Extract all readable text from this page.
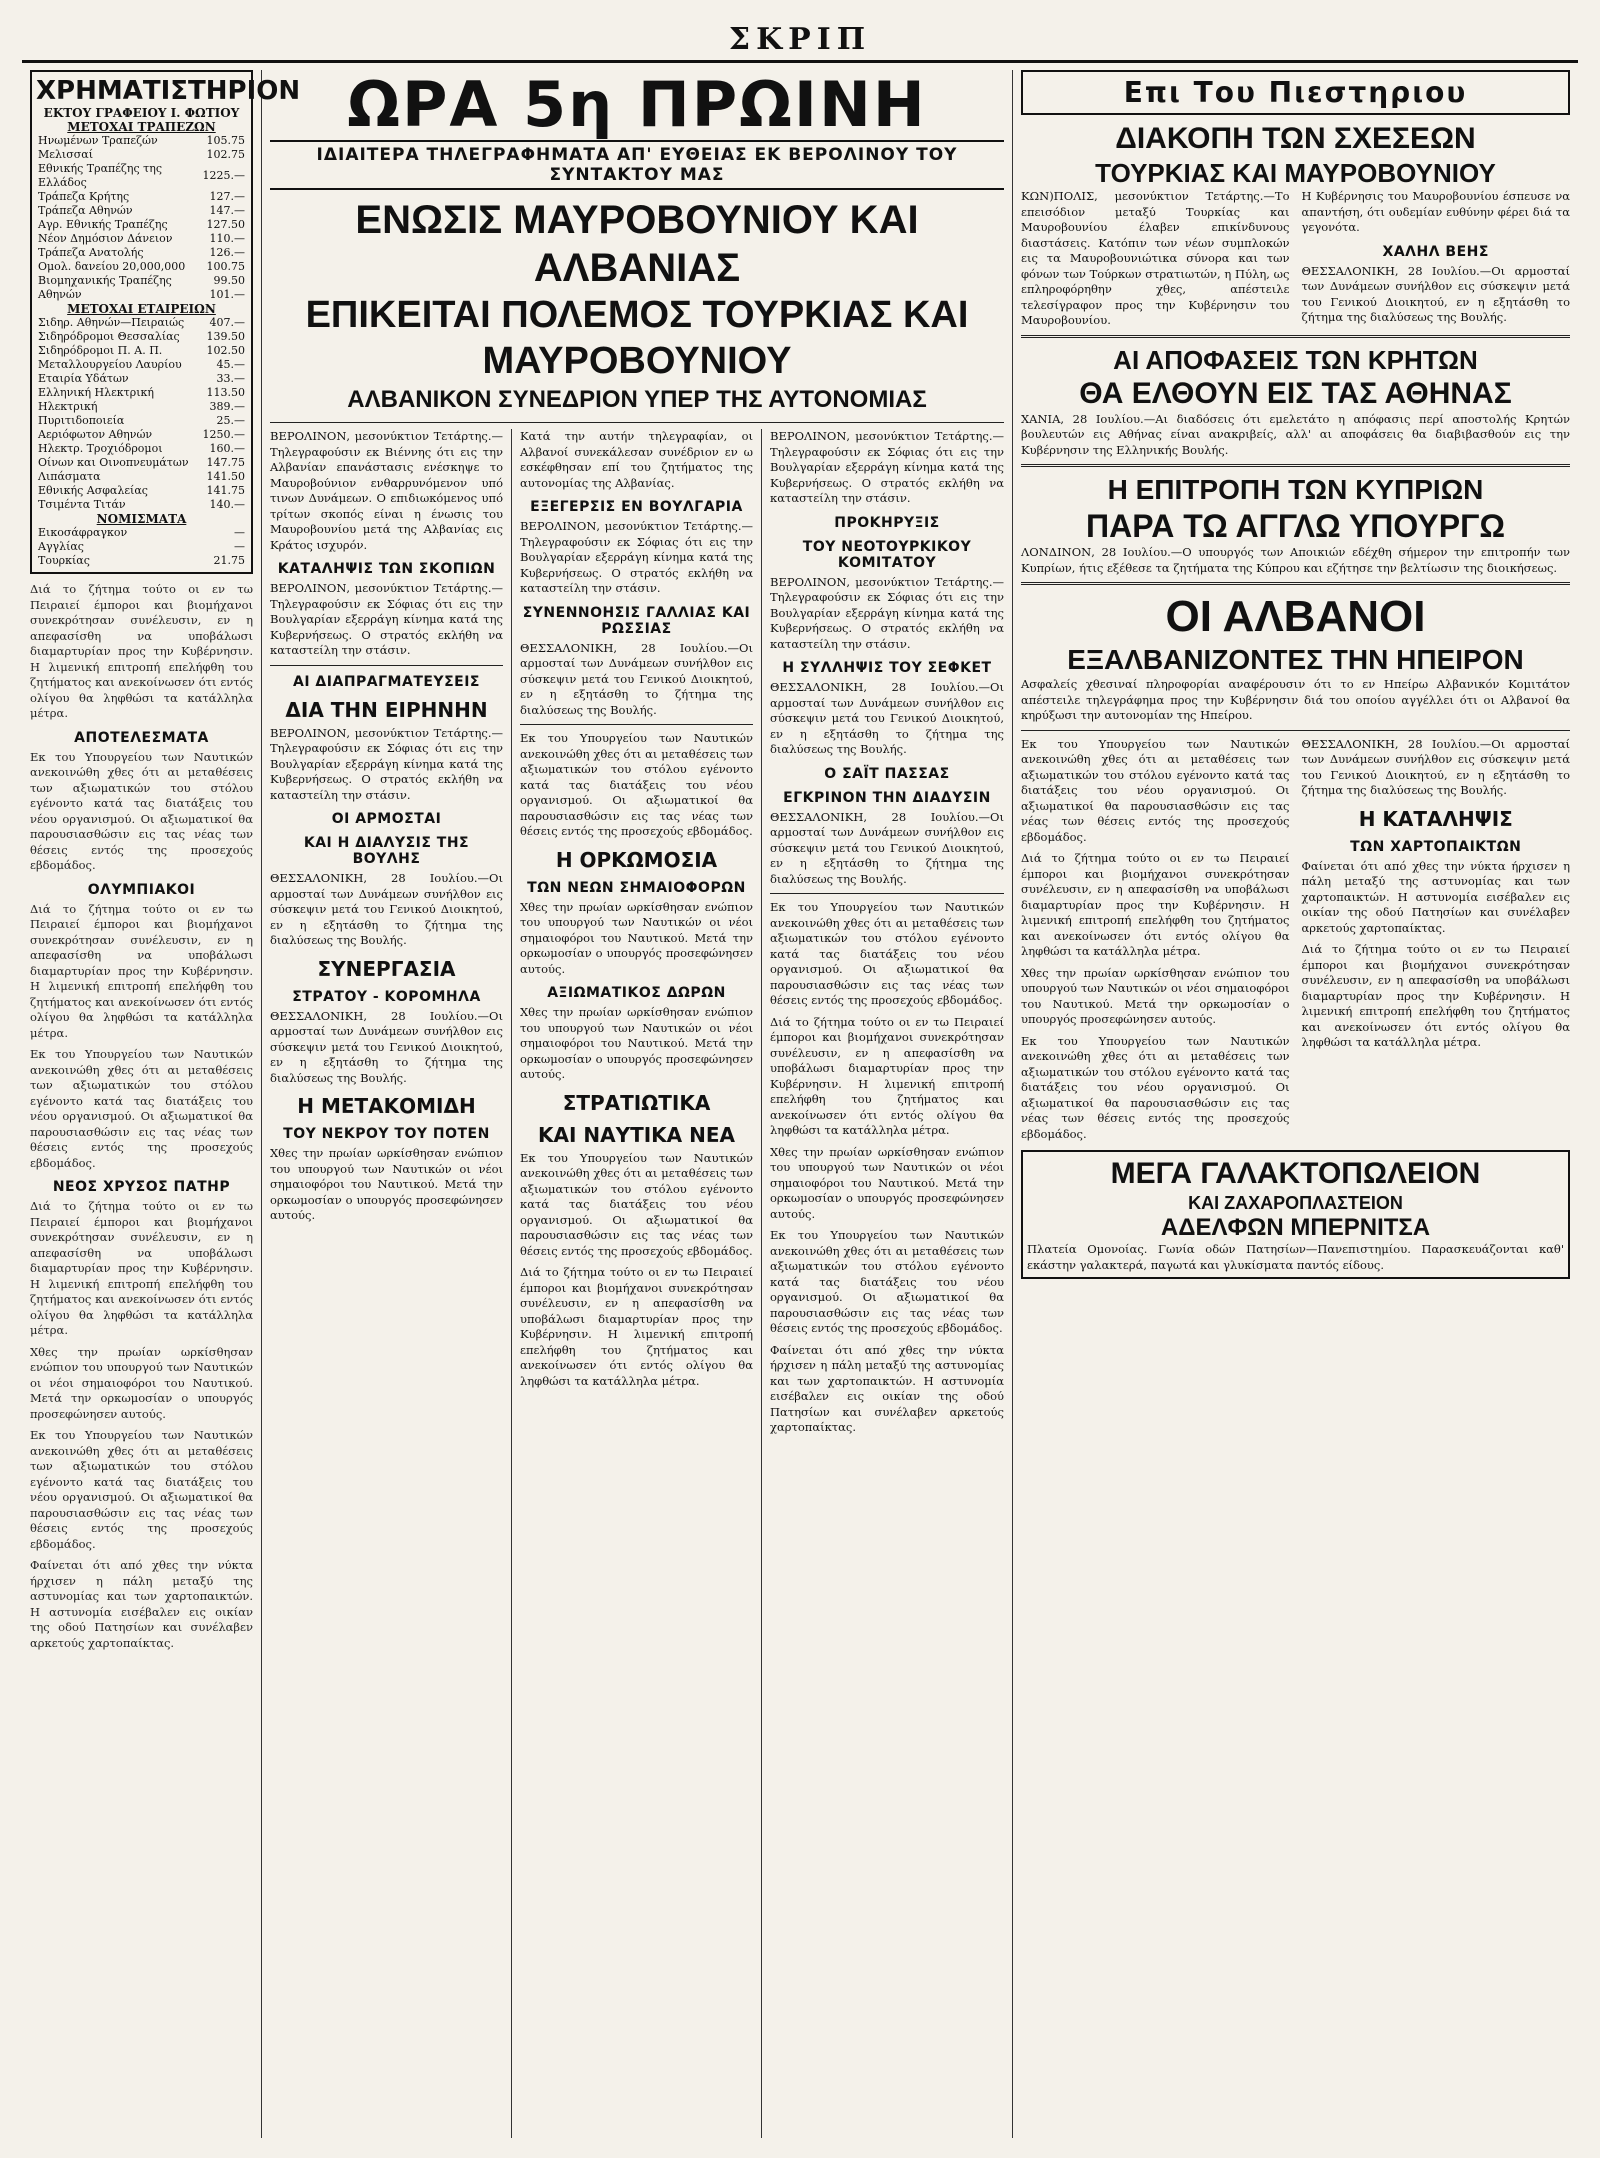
ΣΚΡΙΠ
ΧΡΗΜΑΤΙΣΤΗΡΙΟΝ
ΕΚΤΟΥ ΓΡΑΦΕΙΟΥ Ι. ΦΩΤΙΟΥ
ΜΕΤΟΧΑΙ ΤΡΑΠΕΖΩΝ
Ηνωμένων Τραπεζών	105.75
Μελισσαί	102.75
Εθνικής Τραπέζης της Ελλάδος	1225.—
Τράπεζα Κρήτης	127.—
Τράπεζα Αθηνών	147.—
Αγρ. Εθνικής Τραπέζης	127.50
Νέον Δημόσιον Δάνειον	110.—
Τράπεζα Ανατολής	126.—
Ομολ. δανείου 20,000,000	100.75
Βιομηχανικής Τραπέζης	99.50
Αθηνών	101.—
ΜΕΤΟΧΑΙ ΕΤΑΙΡΕΙΩΝ
Σιδηρ. Αθηνών—Πειραιώς	407.—
Σιδηρόδρομοι Θεσσαλίας	139.50
Σιδηρόδρομοι Π. Α. Π.	102.50
Μεταλλουργείου Λαυρίου	45.—
Εταιρία Υδάτων	33.—
Ελληνική Ηλεκτρική	113.50
Ηλεκτρική	389.—
Πυριτιδοποιεία	25.—
Αεριόφωτον Αθηνών	1250.—
Ηλεκτρ. Τροχιόδρομοι	160.—
Οίνων και Οινοπνευμάτων	147.75
Λιπάσματα	141.50
Εθνικής Ασφαλείας	141.75
Τσιμέντα Τιτάν	140.—
ΝΟΜΙΣΜΑΤΑ
Εικοσάφραγκον	—
Αγγλίας	—
Τουρκίας	21.75
Διά το ζήτημα τούτο οι εν τω Πειραιεί έμποροι και βιομήχανοι συνεκρότησαν συνέλευσιν, εν η απεφασίσθη να υποβάλωσι διαμαρτυρίαν προς την Κυβέρνησιν. Η λιμενική επιτροπή επελήφθη του ζητήματος και ανεκοίνωσεν ότι εντός ολίγου θα ληφθώσι τα κατάλληλα μέτρα.
ΑΠΟΤΕΛΕΣΜΑΤΑ
Εκ του Υπουργείου των Ναυτικών ανεκοινώθη χθες ότι αι μεταθέσεις των αξιωματικών του στόλου εγένοντο κατά τας διατάξεις του νέου οργανισμού. Οι αξιωματικοί θα παρουσιασθώσιν εις τας νέας των θέσεις εντός της προσεχούς εβδομάδος.
ΟΛΥΜΠΙΑΚΟΙ
Διά το ζήτημα τούτο οι εν τω Πειραιεί έμποροι και βιομήχανοι συνεκρότησαν συνέλευσιν, εν η απεφασίσθη να υποβάλωσι διαμαρτυρίαν προς την Κυβέρνησιν. Η λιμενική επιτροπή επελήφθη του ζητήματος και ανεκοίνωσεν ότι εντός ολίγου θα ληφθώσι τα κατάλληλα μέτρα.
Εκ του Υπουργείου των Ναυτικών ανεκοινώθη χθες ότι αι μεταθέσεις των αξιωματικών του στόλου εγένοντο κατά τας διατάξεις του νέου οργανισμού. Οι αξιωματικοί θα παρουσιασθώσιν εις τας νέας των θέσεις εντός της προσεχούς εβδομάδος.
ΝΕΟΣ ΧΡΥΣΟΣ ΠΑΤΗΡ
Διά το ζήτημα τούτο οι εν τω Πειραιεί έμποροι και βιομήχανοι συνεκρότησαν συνέλευσιν, εν η απεφασίσθη να υποβάλωσι διαμαρτυρίαν προς την Κυβέρνησιν. Η λιμενική επιτροπή επελήφθη του ζητήματος και ανεκοίνωσεν ότι εντός ολίγου θα ληφθώσι τα κατάλληλα μέτρα.
Χθες την πρωίαν ωρκίσθησαν ενώπιον του υπουργού των Ναυτικών οι νέοι σημαιοφόροι του Ναυτικού. Μετά την ορκωμοσίαν ο υπουργός προσεφώνησεν αυτούς.
Εκ του Υπουργείου των Ναυτικών ανεκοινώθη χθες ότι αι μεταθέσεις των αξιωματικών του στόλου εγένοντο κατά τας διατάξεις του νέου οργανισμού. Οι αξιωματικοί θα παρουσιασθώσιν εις τας νέας των θέσεις εντός της προσεχούς εβδομάδος.
Φαίνεται ότι από χθες την νύκτα ήρχισεν η πάλη μεταξύ της αστυνομίας και των χαρτοπαικτών. Η αστυνομία εισέβαλεν εις οικίαν της οδού Πατησίων και συνέλαβεν αρκετούς χαρτοπαίκτας.
ΩΡΑ 5η ΠΡΩΙΝΗ
ΙΔΙΑΙΤΕΡΑ ΤΗΛΕΓΡΑΦΗΜΑΤΑ ΑΠ' ΕΥΘΕΙΑΣ ΕΚ ΒΕΡΟΛΙΝΟΥ ΤΟΥ ΣΥΝΤΑΚΤΟΥ ΜΑΣ
ΕΝΩΣΙΣ ΜΑΥΡΟΒΟΥΝΙΟΥ ΚΑΙ ΑΛΒΑΝΙΑΣ
ΕΠΙΚΕΙΤΑΙ ΠΟΛΕΜΟΣ ΤΟΥΡΚΙΑΣ ΚΑΙ ΜΑΥΡΟΒΟΥΝΙΟΥ
ΑΛΒΑΝΙΚΟΝ ΣΥΝΕΔΡΙΟΝ ΥΠΕΡ ΤΗΣ ΑΥΤΟΝΟΜΙΑΣ
ΒΕΡΟΛΙΝΟΝ, μεσονύκτιον Τετάρτης.—Τηλεγραφούσιν εκ Βιέννης ότι εις την Αλβανίαν επανάστασις ενέσκηψε το Μαυροβούνιον ενθαρρυνόμενον υπό τινων Δυνάμεων. Ο επιδιωκόμενος υπό τρίτων σκοπός είναι η ένωσις του Μαυροβουνίου μετά της Αλβανίας εις Κράτος ισχυρόν.
ΚΑΤΑΛΗΨΙΣ ΤΩΝ ΣΚΟΠΙΩΝ
ΒΕΡΟΛΙΝΟΝ, μεσονύκτιον Τετάρτης.—Τηλεγραφούσιν εκ Σόφιας ότι εις την Βουλγαρίαν εξερράγη κίνημα κατά της Κυβερνήσεως. Ο στρατός εκλήθη να καταστείλη την στάσιν.
ΑΙ ΔΙΑΠΡΑΓΜΑΤΕΥΣΕΙΣ
ΔΙΑ ΤΗΝ ΕΙΡΗΝΗΝ
ΒΕΡΟΛΙΝΟΝ, μεσονύκτιον Τετάρτης.—Τηλεγραφούσιν εκ Σόφιας ότι εις την Βουλγαρίαν εξερράγη κίνημα κατά της Κυβερνήσεως. Ο στρατός εκλήθη να καταστείλη την στάσιν.
ΟΙ ΑΡΜΟΣΤΑΙ
ΚΑΙ Η ΔΙΑΛΥΣΙΣ ΤΗΣ ΒΟΥΛΗΣ
ΘΕΣΣΑΛΟΝΙΚΗ, 28 Ιουλίου.—Οι αρμοσταί των Δυνάμεων συνήλθον εις σύσκεψιν μετά του Γενικού Διοικητού, εν η εξητάσθη το ζήτημα της διαλύσεως της Βουλής.
ΣΥΝΕΡΓΑΣΙΑ
ΣΤΡΑΤΟΥ - ΚΟΡΟΜΗΛΑ
ΘΕΣΣΑΛΟΝΙΚΗ, 28 Ιουλίου.—Οι αρμοσταί των Δυνάμεων συνήλθον εις σύσκεψιν μετά του Γενικού Διοικητού, εν η εξητάσθη το ζήτημα της διαλύσεως της Βουλής.
Η ΜΕΤΑΚΟΜΙΔΗ
ΤΟΥ ΝΕΚΡΟΥ ΤΟΥ ΠΟΤΕΝ
Χθες την πρωίαν ωρκίσθησαν ενώπιον του υπουργού των Ναυτικών οι νέοι σημαιοφόροι του Ναυτικού. Μετά την ορκωμοσίαν ο υπουργός προσεφώνησεν αυτούς.
Κατά την αυτήν τηλεγραφίαν, οι Αλβανοί συνεκάλεσαν συνέδριον εν ω εσκέφθησαν επί του ζητήματος της αυτονομίας της Αλβανίας.
ΕΞΕΓΕΡΣΙΣ ΕΝ ΒΟΥΛΓΑΡΙΑ
ΒΕΡΟΛΙΝΟΝ, μεσονύκτιον Τετάρτης.—Τηλεγραφούσιν εκ Σόφιας ότι εις την Βουλγαρίαν εξερράγη κίνημα κατά της Κυβερνήσεως. Ο στρατός εκλήθη να καταστείλη την στάσιν.
ΣΥΝΕΝΝΟΗΣΙΣ ΓΑΛΛΙΑΣ ΚΑΙ ΡΩΣΣΙΑΣ
ΘΕΣΣΑΛΟΝΙΚΗ, 28 Ιουλίου.—Οι αρμοσταί των Δυνάμεων συνήλθον εις σύσκεψιν μετά του Γενικού Διοικητού, εν η εξητάσθη το ζήτημα της διαλύσεως της Βουλής.
Εκ του Υπουργείου των Ναυτικών ανεκοινώθη χθες ότι αι μεταθέσεις των αξιωματικών του στόλου εγένοντο κατά τας διατάξεις του νέου οργανισμού. Οι αξιωματικοί θα παρουσιασθώσιν εις τας νέας των θέσεις εντός της προσεχούς εβδομάδος.
Η ΟΡΚΩΜΟΣΙΑ
ΤΩΝ ΝΕΩΝ ΣΗΜΑΙΟΦΟΡΩΝ
Χθες την πρωίαν ωρκίσθησαν ενώπιον του υπουργού των Ναυτικών οι νέοι σημαιοφόροι του Ναυτικού. Μετά την ορκωμοσίαν ο υπουργός προσεφώνησεν αυτούς.
ΑΞΙΩΜΑΤΙΚΟΣ ΔΩΡΩΝ
Χθες την πρωίαν ωρκίσθησαν ενώπιον του υπουργού των Ναυτικών οι νέοι σημαιοφόροι του Ναυτικού. Μετά την ορκωμοσίαν ο υπουργός προσεφώνησεν αυτούς.
ΣΤΡΑΤΙΩΤΙΚΑ
ΚΑΙ ΝΑΥΤΙΚΑ ΝΕΑ
Εκ του Υπουργείου των Ναυτικών ανεκοινώθη χθες ότι αι μεταθέσεις των αξιωματικών του στόλου εγένοντο κατά τας διατάξεις του νέου οργανισμού. Οι αξιωματικοί θα παρουσιασθώσιν εις τας νέας των θέσεις εντός της προσεχούς εβδομάδος.
Διά το ζήτημα τούτο οι εν τω Πειραιεί έμποροι και βιομήχανοι συνεκρότησαν συνέλευσιν, εν η απεφασίσθη να υποβάλωσι διαμαρτυρίαν προς την Κυβέρνησιν. Η λιμενική επιτροπή επελήφθη του ζητήματος και ανεκοίνωσεν ότι εντός ολίγου θα ληφθώσι τα κατάλληλα μέτρα.
ΒΕΡΟΛΙΝΟΝ, μεσονύκτιον Τετάρτης.—Τηλεγραφούσιν εκ Σόφιας ότι εις την Βουλγαρίαν εξερράγη κίνημα κατά της Κυβερνήσεως. Ο στρατός εκλήθη να καταστείλη την στάσιν.
ΠΡΟΚΗΡΥΞΙΣ
ΤΟΥ ΝΕΟΤΟΥΡΚΙΚΟΥ ΚΟΜΙΤΑΤΟΥ
ΒΕΡΟΛΙΝΟΝ, μεσονύκτιον Τετάρτης.—Τηλεγραφούσιν εκ Σόφιας ότι εις την Βουλγαρίαν εξερράγη κίνημα κατά της Κυβερνήσεως. Ο στρατός εκλήθη να καταστείλη την στάσιν.
Η ΣΥΛΛΗΨΙΣ ΤΟΥ ΣΕΦΚΕΤ
ΘΕΣΣΑΛΟΝΙΚΗ, 28 Ιουλίου.—Οι αρμοσταί των Δυνάμεων συνήλθον εις σύσκεψιν μετά του Γενικού Διοικητού, εν η εξητάσθη το ζήτημα της διαλύσεως της Βουλής.
Ο ΣΑΪΤ ΠΑΣΣΑΣ
ΕΓΚΡΙΝΟΝ ΤΗΝ ΔΙΑΔΥΣΙΝ
ΘΕΣΣΑΛΟΝΙΚΗ, 28 Ιουλίου.—Οι αρμοσταί των Δυνάμεων συνήλθον εις σύσκεψιν μετά του Γενικού Διοικητού, εν η εξητάσθη το ζήτημα της διαλύσεως της Βουλής.
Εκ του Υπουργείου των Ναυτικών ανεκοινώθη χθες ότι αι μεταθέσεις των αξιωματικών του στόλου εγένοντο κατά τας διατάξεις του νέου οργανισμού. Οι αξιωματικοί θα παρουσιασθώσιν εις τας νέας των θέσεις εντός της προσεχούς εβδομάδος.
Διά το ζήτημα τούτο οι εν τω Πειραιεί έμποροι και βιομήχανοι συνεκρότησαν συνέλευσιν, εν η απεφασίσθη να υποβάλωσι διαμαρτυρίαν προς την Κυβέρνησιν. Η λιμενική επιτροπή επελήφθη του ζητήματος και ανεκοίνωσεν ότι εντός ολίγου θα ληφθώσι τα κατάλληλα μέτρα.
Χθες την πρωίαν ωρκίσθησαν ενώπιον του υπουργού των Ναυτικών οι νέοι σημαιοφόροι του Ναυτικού. Μετά την ορκωμοσίαν ο υπουργός προσεφώνησεν αυτούς.
Εκ του Υπουργείου των Ναυτικών ανεκοινώθη χθες ότι αι μεταθέσεις των αξιωματικών του στόλου εγένοντο κατά τας διατάξεις του νέου οργανισμού. Οι αξιωματικοί θα παρουσιασθώσιν εις τας νέας των θέσεις εντός της προσεχούς εβδομάδος.
Φαίνεται ότι από χθες την νύκτα ήρχισεν η πάλη μεταξύ της αστυνομίας και των χαρτοπαικτών. Η αστυνομία εισέβαλεν εις οικίαν της οδού Πατησίων και συνέλαβεν αρκετούς χαρτοπαίκτας.
Επι Του Πιεστηριου
ΔΙΑΚΟΠΗ ΤΩΝ ΣΧΕΣΕΩΝ
ΤΟΥΡΚΙΑΣ ΚΑΙ ΜΑΥΡΟΒΟΥΝΙΟΥ
ΚΩΝ)ΠΟΛΙΣ, μεσονύκτιον Τετάρτης.—Το επεισόδιον μεταξύ Τουρκίας και Μαυροβουνίου έλαβεν επικίνδυνους διαστάσεις. Κατόπιν των νέων συμπλοκών εις τα Μαυροβουνιώτικα σύνορα και των φόνων των Τούρκων στρατιωτών, η Πύλη, ως επληροφόρηθην χθες, απέστειλε τελεσίγραφον προς την Κυβέρνησιν του Μαυροβουνίου.
Η Κυβέρνησις του Μαυροβουνίου έσπευσε να απαντήση, ότι ουδεμίαν ευθύνην φέρει διά τα γεγονότα.
ΧΑΛΗΛ ΒΕΗΣ
ΘΕΣΣΑΛΟΝΙΚΗ, 28 Ιουλίου.—Οι αρμοσταί των Δυνάμεων συνήλθον εις σύσκεψιν μετά του Γενικού Διοικητού, εν η εξητάσθη το ζήτημα της διαλύσεως της Βουλής.
ΑΙ ΑΠΟΦΑΣΕΙΣ ΤΩΝ ΚΡΗΤΩΝ
ΘΑ ΕΛΘΟΥΝ ΕΙΣ ΤΑΣ ΑΘΗΝΑΣ
ΧΑΝΙΑ, 28 Ιουλίου.—Αι διαδόσεις ότι εμελετάτο η απόφασις περί αποστολής Κρητών βουλευτών εις Αθήνας είναι ανακριβείς, αλλ' αι αποφάσεις θα διαβιβασθούν εις την Κυβέρνησιν της Ελληνικής Βουλής.
Η ΕΠΙΤΡΟΠΗ ΤΩΝ ΚΥΠΡΙΩΝ
ΠΑΡΑ ΤΩ ΑΓΓΛΩ ΥΠΟΥΡΓΩ
ΛΟΝΔΙΝΟΝ, 28 Ιουλίου.—Ο υπουργός των Αποικιών εδέχθη σήμερον την επιτροπήν των Κυπρίων, ήτις εξέθεσε τα ζητήματα της Κύπρου και εζήτησε την βελτίωσιν της διοικήσεως.
ΟΙ ΑΛΒΑΝΟΙ
ΕΞΑΛΒΑΝΙΖΟΝΤΕΣ ΤΗΝ ΗΠΕΙΡΟΝ
Ασφαλείς χθεσιναί πληροφορίαι αναφέρουσιν ότι το εν Ηπείρω Αλβανικόν Κομιτάτον απέστειλε τηλεγράφημα προς την Κυβέρνησιν διά του οποίου αγγέλλει ότι οι Αλβανοί θα κηρύξωσι την αυτονομίαν της Ηπείρου.
Εκ του Υπουργείου των Ναυτικών ανεκοινώθη χθες ότι αι μεταθέσεις των αξιωματικών του στόλου εγένοντο κατά τας διατάξεις του νέου οργανισμού. Οι αξιωματικοί θα παρουσιασθώσιν εις τας νέας των θέσεις εντός της προσεχούς εβδομάδος.
Διά το ζήτημα τούτο οι εν τω Πειραιεί έμποροι και βιομήχανοι συνεκρότησαν συνέλευσιν, εν η απεφασίσθη να υποβάλωσι διαμαρτυρίαν προς την Κυβέρνησιν. Η λιμενική επιτροπή επελήφθη του ζητήματος και ανεκοίνωσεν ότι εντός ολίγου θα ληφθώσι τα κατάλληλα μέτρα.
Χθες την πρωίαν ωρκίσθησαν ενώπιον του υπουργού των Ναυτικών οι νέοι σημαιοφόροι του Ναυτικού. Μετά την ορκωμοσίαν ο υπουργός προσεφώνησεν αυτούς.
Εκ του Υπουργείου των Ναυτικών ανεκοινώθη χθες ότι αι μεταθέσεις των αξιωματικών του στόλου εγένοντο κατά τας διατάξεις του νέου οργανισμού. Οι αξιωματικοί θα παρουσιασθώσιν εις τας νέας των θέσεις εντός της προσεχούς εβδομάδος.
ΘΕΣΣΑΛΟΝΙΚΗ, 28 Ιουλίου.—Οι αρμοσταί των Δυνάμεων συνήλθον εις σύσκεψιν μετά του Γενικού Διοικητού, εν η εξητάσθη το ζήτημα της διαλύσεως της Βουλής.
Η ΚΑΤΑΛΗΨΙΣ
ΤΩΝ ΧΑΡΤΟΠΑΙΚΤΩΝ
Φαίνεται ότι από χθες την νύκτα ήρχισεν η πάλη μεταξύ της αστυνομίας και των χαρτοπαικτών. Η αστυνομία εισέβαλεν εις οικίαν της οδού Πατησίων και συνέλαβεν αρκετούς χαρτοπαίκτας.
Διά το ζήτημα τούτο οι εν τω Πειραιεί έμποροι και βιομήχανοι συνεκρότησαν συνέλευσιν, εν η απεφασίσθη να υποβάλωσι διαμαρτυρίαν προς την Κυβέρνησιν. Η λιμενική επιτροπή επελήφθη του ζητήματος και ανεκοίνωσεν ότι εντός ολίγου θα ληφθώσι τα κατάλληλα μέτρα.
ΜΕΓΑ ΓΑΛΑΚΤΟΠΩΛΕΙΟΝ
ΚΑΙ ΖΑΧΑΡΟΠΛΑΣΤΕΙΟΝ
ΑΔΕΛΦΩΝ ΜΠΕΡΝΙΤΣΑ
Πλατεία Ομονοίας. Γωνία οδών Πατησίων—Πανεπιστημίου. Παρασκευάζονται καθ' εκάστην γαλακτερά, παγωτά και γλυκίσματα παντός είδους.
